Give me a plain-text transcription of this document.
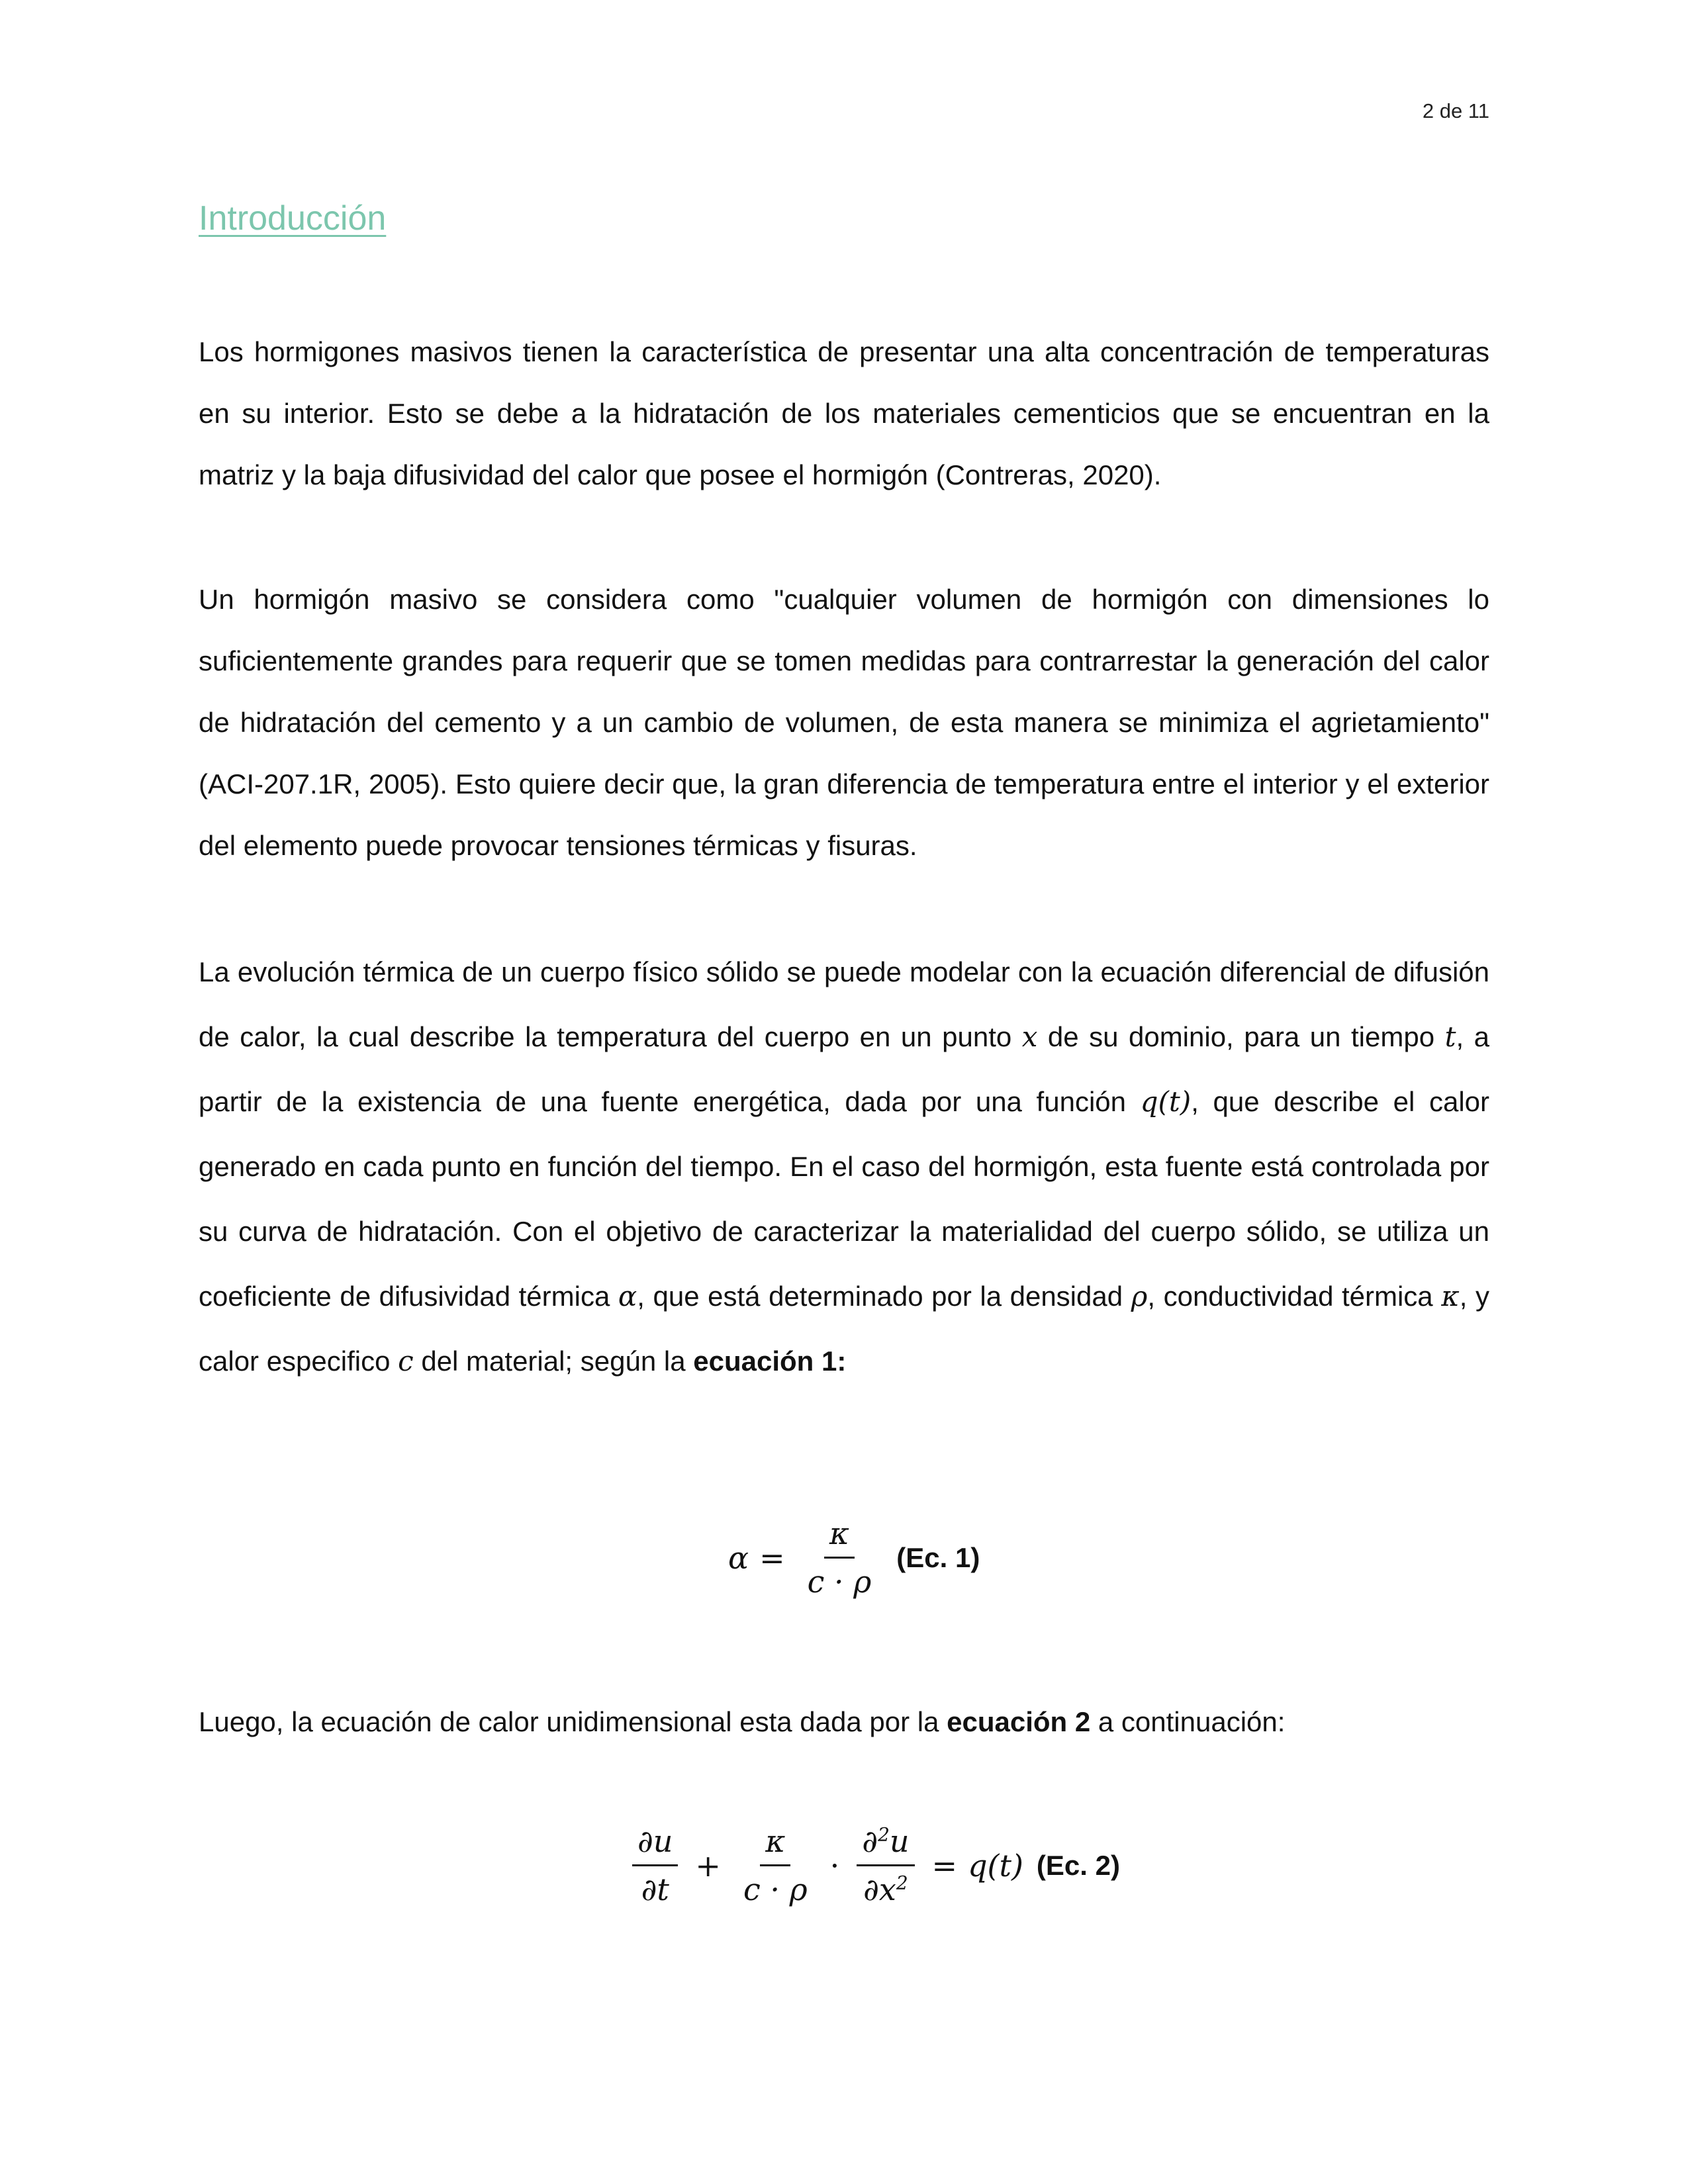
2 de 11
Introducción

Los hormigones masivos tienen la característica de presentar una alta concentración de temperaturas en su interior. Esto se debe a la hidratación de los materiales cementicios que se encuentran en la matriz y la baja difusividad del calor que posee el hormigón (Contreras, 2020).

Un hormigón masivo se considera como "cualquier volumen de hormigón con dimensiones lo suficientemente grandes para requerir que se tomen medidas para contrarrestar la generación del calor de hidratación del cemento y a un cambio de volumen, de esta manera se minimiza el agrietamiento" (ACI-207.1R, 2005). Esto quiere decir que, la gran diferencia de temperatura entre el interior y el exterior del elemento puede provocar tensiones térmicas y fisuras.

La evolución térmica de un cuerpo físico sólido se puede modelar con la ecuación diferencial de difusión de calor, la cual describe la temperatura del cuerpo en un punto x de su dominio, para un tiempo t, a partir de la existencia de una fuente energética, dada por una función q(t), que describe el calor generado en cada punto en función del tiempo. En el caso del hormigón, esta fuente está controlada por su curva de hidratación. Con el objetivo de caracterizar la materialidad del cuerpo sólido, se utiliza un coeficiente de difusividad térmica α, que está determinado por la densidad ρ, conductividad térmica κ, y calor especifico c del material; según la ecuación 1:

$\alpha = \frac{\kappa}{c \cdot \rho} (Ec$. 1)

Luego, la ecuación de calor unidimensional esta dada por la ecuación 2 a continuación:

$\frac{\partial u}{\partial t} + \frac{\kappa}{c \cdot \rho} \cdot \frac{\partial^2u}{\partial x^2} = q(t)$ (Ec. 2)
